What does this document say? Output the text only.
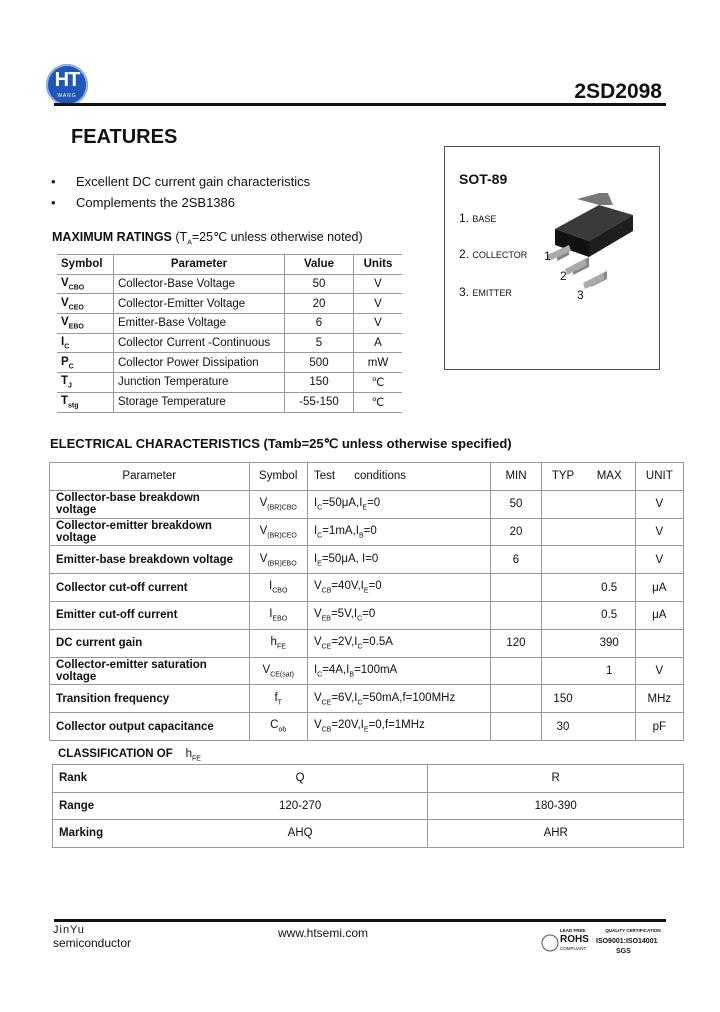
HT
WANG	2SD2098
FEATURES
• Excellent DC current gain characteristics
• Complements the 2SB1386
SOT-89
1. BASE
2. COLLECTOR
3. EMITTER
1
2
3
MAXIMUM RATINGS ($T_A=25℃$ unless otherwise noted)
Symbol	Parameter	Value	Units
$V_{CBO}$	Collector-Base Voltage	50	V
$V_{CEO}$	Collector-Emitter Voltage	20	V
$V_{EBO}$	Emitter-Base Voltage	6	V
$I_C$	Collector Current -Continuous	5	A
$P_C$	Collector Power Dissipation	500	mW
$T_J$	Junction Temperature	150	℃
$T_{stg}$	Storage Temperature	-55-150	℃
ELECTRICAL CHARACTERISTICS (Tamb=25℃ unless otherwise specified)
Parameter	Symbol	Test      conditions	MIN	TYP	MAX	UNIT
Collector-base breakdown voltage	$V_{(BR)CBO}$	$I_C=50\mu A,I_E=0$	50			V
Collector-emitter breakdown voltage	$V_{(BR)CEO}$	$I_C=1mA,I_B=0$	20			V
Emitter-base breakdown voltage	$V_{(BR)EBO}$	$I_E=50\mu A$, I=0	6			V
Collector cut-off current	$I_{CBO}$	$V_{CB}=40V,I_E=0$			0.5	μA
Emitter cut-off current	$I_{EBO}$	$V_{EB}=5V,I_C=0$			0.5	μA
DC current gain	$h_{FE}$	$V_{CE}=2V,I_C=0.5A$	120		390	
Collector-emitter saturation voltage	$V_{CE(sat)}$	$I_C=4A,I_B=100mA$			1	V
Transition frequency	$f_T$	$V_{CE}=6V,I_C=50mA,f=100MHz$		150		MHz
Collector output capacitance	$C_{ob}$	$V_{CB}=20V,I_E=0,f=1MHz$		30		pF
CLASSIFICATION OF $h_{FE}$
Rank	Q	R
Range	120-270	180-390
Marking	AHQ	AHR
JinYu
semiconductor
www.htsemi.com	LEAD FREE
ROHS
COMPLIANT
QUALITY CERTIFICATION
ISO9001:ISO14001
SGS
